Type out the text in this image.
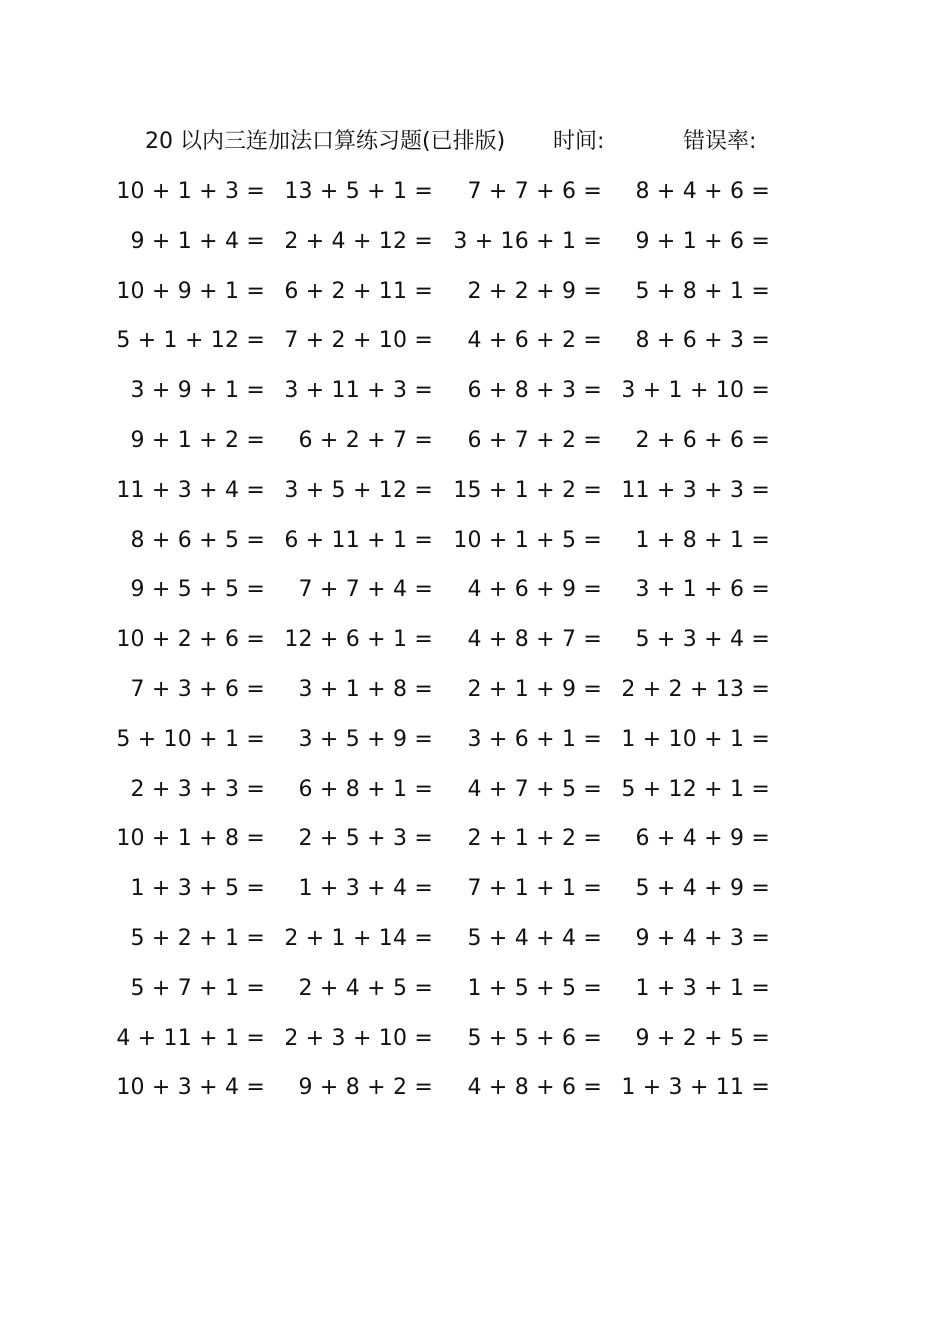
20 以内三连加法口算练习题(已排版) 时间:	错误率:
10 + 1 + 3 = 13 + 5 + 1 =	7 + 7 + 6 =	8 + 4 + 6 =
9 + 1 + 4 = 2 + 4 + 12 = 3 + 16 + 1 =	9 + 1 + 6 =
10 + 9 + 1 = 6 + 2 + 11 =	2 + 2 + 9 =	5 + 8 + 1 =
5 + 1 + 12 = 7 + 2 + 10 =	4 + 6 + 2 =	8 + 6 + 3 =
3 + 9 + 1 = 3 + 11 + 3 =	6 + 8 + 3 = 3 + 1 + 10 =
9 + 1 + 2 =	6 + 2 + 7 =	6 + 7 + 2 =	2 + 6 + 6 =
11 + 3 + 4 = 3 + 5 + 12 = 15 + 1 + 2 = 11 + 3 + 3 =
8 + 6 + 5 = 6 + 11 + 1 = 10 + 1 + 5 =	1 + 8 + 1 =
9 + 5 + 5 =	7 + 7 + 4 =	4 + 6 + 9 =	3 + 1 + 6 =
10 + 2 + 6 = 12 + 6 + 1 =	4 + 8 + 7 =	5 + 3 + 4 =
7 + 3 + 6 =	3 + 1 + 8 =	2 + 1 + 9 = 2 + 2 + 13 =
5 + 10 + 1 =	3 + 5 + 9 =	3 + 6 + 1 = 1 + 10 + 1 =
2 + 3 + 3 =	6 + 8 + 1 =	4 + 7 + 5 = 5 + 12 + 1 =
10 + 1 + 8 =	2 + 5 + 3 =	2 + 1 + 2 =	6 + 4 + 9 =
1 + 3 + 5 =	1 + 3 + 4 =	7 + 1 + 1 =	5 + 4 + 9 =
5 + 2 + 1 = 2 + 1 + 14 =	5 + 4 + 4 =	9 + 4 + 3 =
5 + 7 + 1 =	2 + 4 + 5 =	1 + 5 + 5 =	1 + 3 + 1 =
4 + 11 + 1 = 2 + 3 + 10 =	5 + 5 + 6 =	9 + 2 + 5 =
10 + 3 + 4 =	9 + 8 + 2 =	4 + 8 + 6 = 1 + 3 + 11 =
